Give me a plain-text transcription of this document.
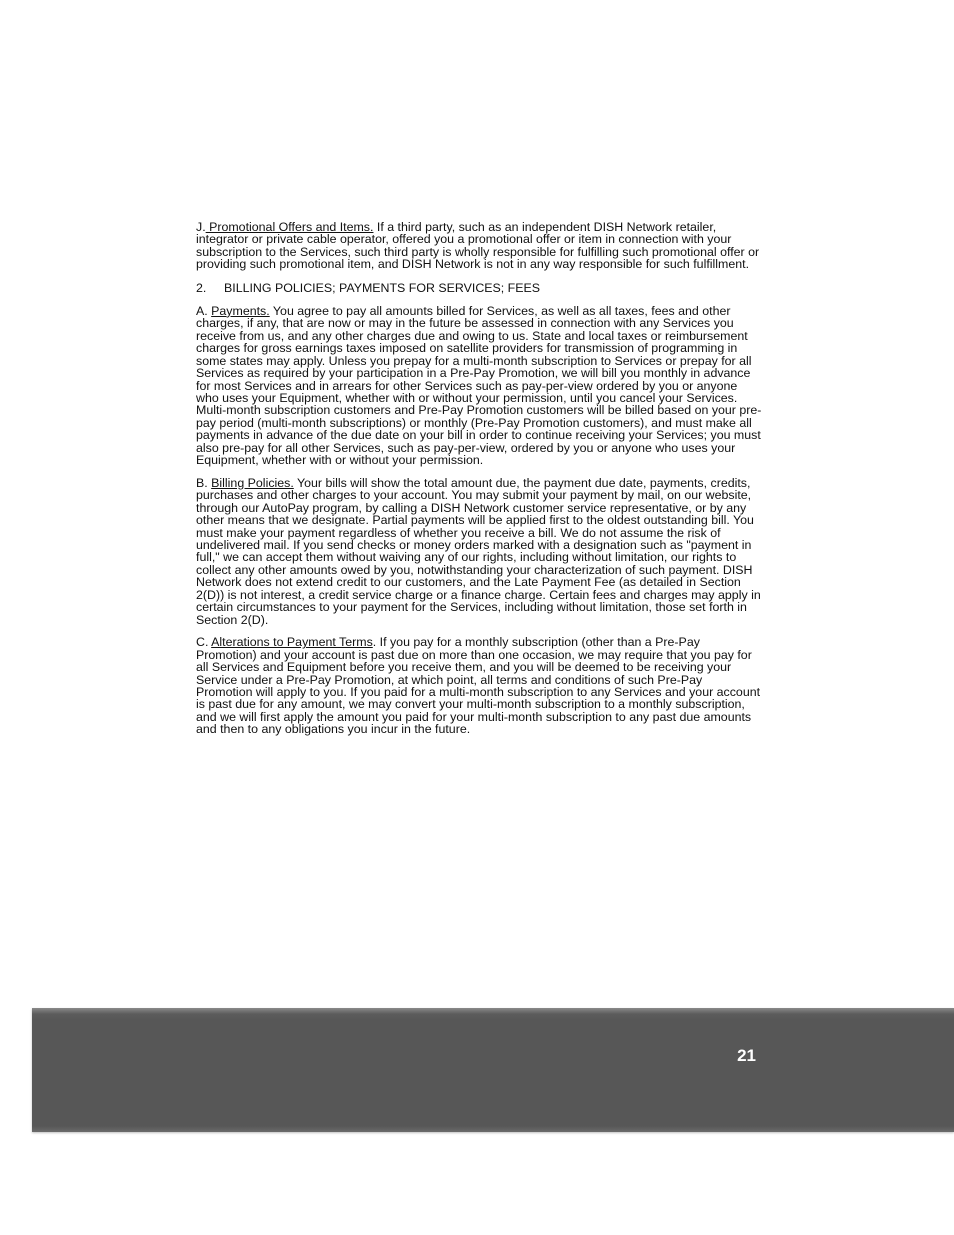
J. Promotional Offers and Items. If a third party, such as an independent DISH Network retailer, integrator or private cable operator, offered you a promotional offer or item in connection with your subscription to the Services, such third party is wholly responsible for fulfilling such promotional offer or providing such promotional item, and DISH Network is not in any way responsible for such fulfillment.

2. BILLING POLICIES; PAYMENTS FOR SERVICES; FEES

A. Payments. You agree to pay all amounts billed for Services, as well as all taxes, fees and other charges, if any, that are now or may in the future be assessed in connection with any Services you receive from us, and any other charges due and owing to us. State and local taxes or reimbursement charges for gross earnings taxes imposed on satellite providers for transmission of programming in some states may apply. Unless you prepay for a multi-month subscription to Services or prepay for all Services as required by your participation in a Pre-Pay Promotion, we will bill you monthly in advance for most Services and in arrears for other Services such as pay-per-view ordered by you or anyone who uses your Equipment, whether with or without your permission, until you cancel your Services. Multi-month subscription customers and Pre-Pay Promotion customers will be billed based on your pre-pay period (multi-month subscriptions) or monthly (Pre-Pay Promotion customers), and must make all payments in advance of the due date on your bill in order to continue receiving your Services; you must also pre-pay for all other Services, such as pay-per-view, ordered by you or anyone who uses your Equipment, whether with or without your permission.

B. Billing Policies. Your bills will show the total amount due, the payment due date, payments, credits, purchases and other charges to your account. You may submit your payment by mail, on our website, through our AutoPay program, by calling a DISH Network customer service representative, or by any other means that we designate. Partial payments will be applied first to the oldest outstanding bill. You must make your payment regardless of whether you receive a bill. We do not assume the risk of undelivered mail. If you send checks or money orders marked with a designation such as "payment in full," we can accept them without waiving any of our rights, including without limitation, our rights to collect any other amounts owed by you, notwithstanding your characterization of such payment. DISH Network does not extend credit to our customers, and the Late Payment Fee (as detailed in Section 2(D)) is not interest, a credit service charge or a finance charge. Certain fees and charges may apply in certain circumstances to your payment for the Services, including without limitation, those set forth in Section 2(D).

C. Alterations to Payment Terms. If you pay for a monthly subscription (other than a Pre-Pay Promotion) and your account is past due on more than one occasion, we may require that you pay for all Services and Equipment before you receive them, and you will be deemed to be receiving your Service under a Pre-Pay Promotion, at which point, all terms and conditions of such Pre-Pay Promotion will apply to you. If you paid for a multi-month subscription to any Services and your account is past due for any amount, we may convert your multi-month subscription to a monthly subscription, and we will first apply the amount you paid for your multi-month subscription to any past due amounts and then to any obligations you incur in the future.

21
